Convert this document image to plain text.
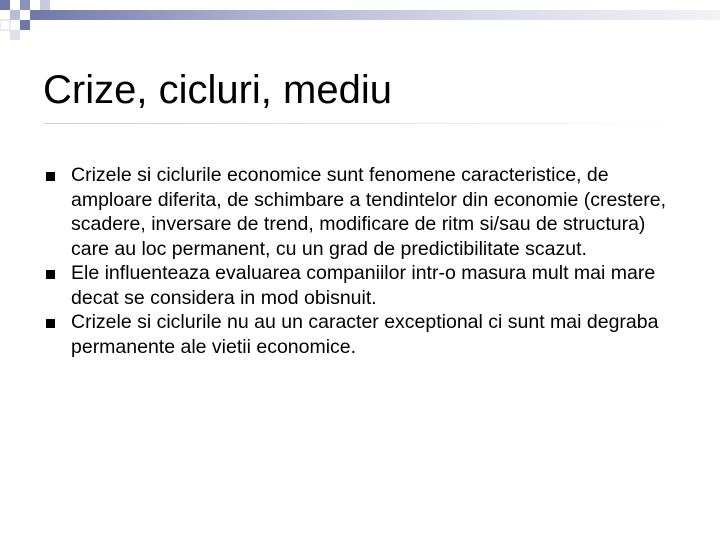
Crize, cicluri, mediu
Crizele si ciclurile economice sunt fenomene caracteristice, de amploare diferita, de schimbare a tendintelor din economie (crestere, scadere, inversare de trend, modificare de ritm si/sau de structura) care au loc permanent, cu un grad de predictibilitate scazut.
Ele influenteaza evaluarea companiilor intr-o masura mult mai mare decat se considera in mod obisnuit.
Crizele si ciclurile nu au un caracter exceptional ci sunt mai degraba permanente ale vietii economice.
